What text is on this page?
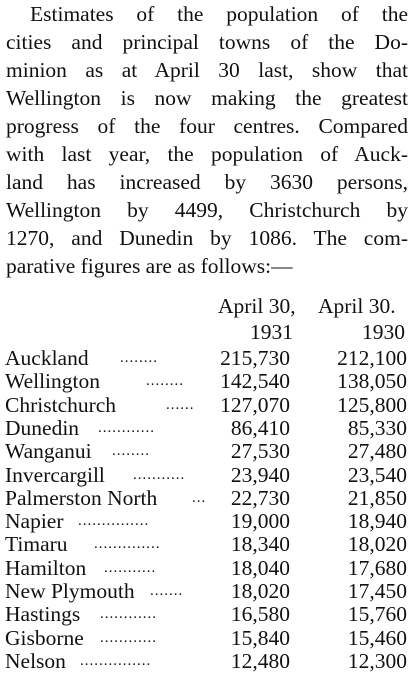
Estimates of the population of the
cities and principal towns of the Do-
minion as at April 30 last, show that
Wellington is now making the greatest
progress of the four centres. Compared
with last year, the population of Auck-
land has increased by 3630 persons,
Wellington by 4499, Christchurch by
1270, and Dunedin by 1086. The com-
parative figures are as follows:—
April 30, April 30.
1931	1930
Auckland ........	215,730 212,100
Wellington	........ 142,540 138,050
Christchurch	...... 127,070 125,800
Dunedin ............	86,410	85,330
Wanganui ........	27,530	27,480
Invercargill ........... 23,940	23,540
Palmerston North ... 22,730	21,850
Napier ...............	19,000	18,940
Timaru ..............	18,340	18,020
Hamilton ...........	18,040	17,680
New Plymouth ....... 18,020	17,450
Hastings ............	16,580	15,760
Gisborne ............	15,840	15,460
Nelson ...............	12,480	12,300
